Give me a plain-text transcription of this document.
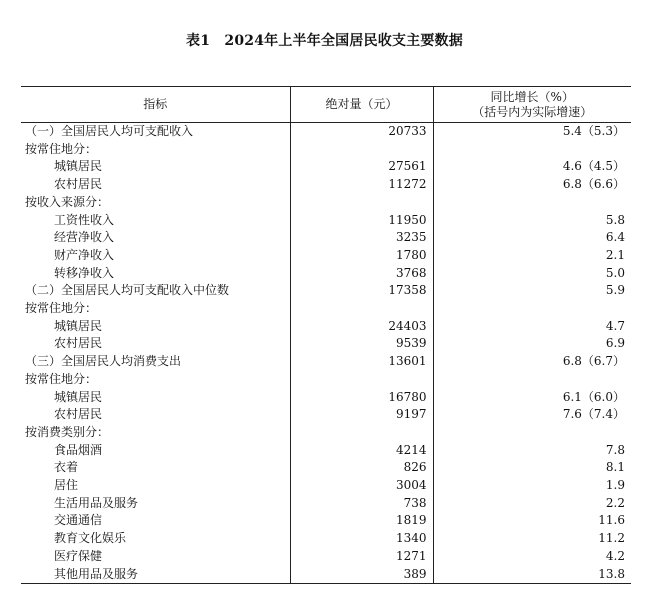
表1　2024年上半年全国居民收支主要数据
指标	绝对量（元）	同比增长（%）
（括号内为实际增速）

（一）全国居民人均可支配收入	20733	5.4（5.3）
按常住地分：		
城镇居民	27561	4.6（4.5）
农村居民	11272	6.8（6.6）
按收入来源分：		
工资性收入	11950	5.8
经营净收入	3235	6.4
财产净收入	1780	2.1
转移净收入	3768	5.0
（二）全国居民人均可支配收入中位数	17358	5.9
按常住地分：		
城镇居民	24403	4.7
农村居民	9539	6.9
（三）全国居民人均消费支出	13601	6.8（6.7）
按常住地分：		
城镇居民	16780	6.1（6.0）
农村居民	9197	7.6（7.4）
按消费类别分：		
食品烟酒	4214	7.8
衣着	826	8.1
居住	3004	1.9
生活用品及服务	738	2.2
交通通信	1819	11.6
教育文化娱乐	1340	11.2
医疗保健	1271	4.2
其他用品及服务	389	13.8
